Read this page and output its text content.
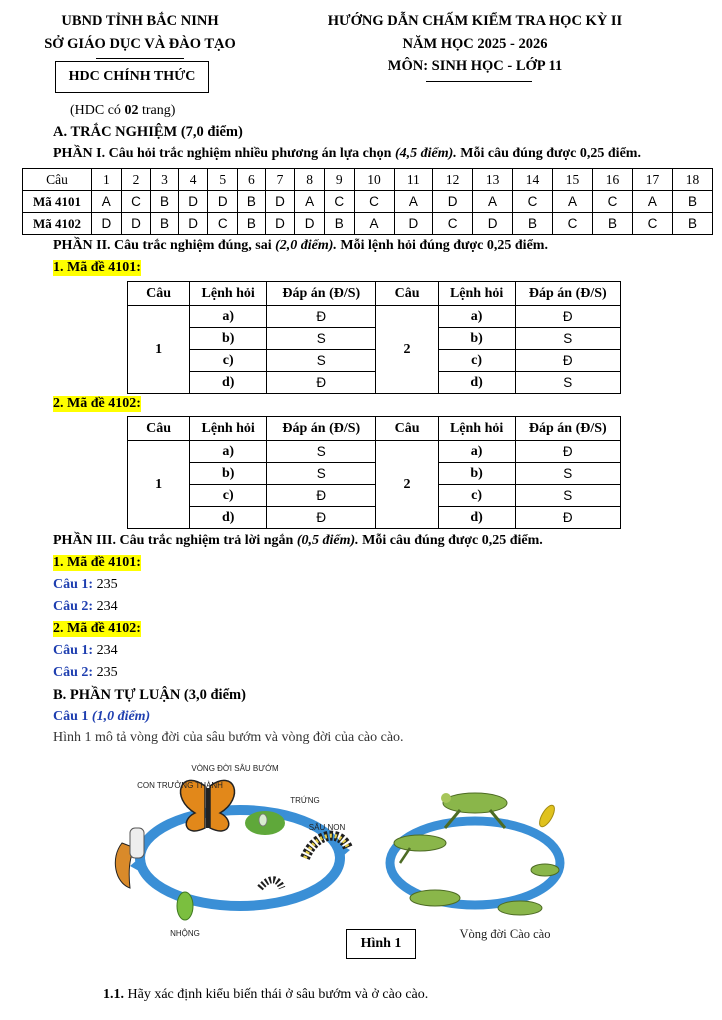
UBND TỈNH BẮC NINH
SỞ GIÁO DỤC VÀ ĐÀO TẠO
HDC CHÍNH THỨC
(HDC có 02 trang)
HƯỚNG DẪN CHẤM KIỂM TRA HỌC KỲ II
NĂM HỌC 2025 - 2026
MÔN: SINH HỌC - LỚP 11
A. TRẮC NGHIỆM (7,0 điểm)
PHẦN I. Câu hỏi trắc nghiệm nhiều phương án lựa chọn (4,5 điểm). Mỗi câu đúng được 0,25 điểm.
Câu	1	2	3	4	5	6	7	8	9	10	11	12	13	14	15	16	17	18
Mã 4101	A	C	B	D	D	B	D	A	C	C	A	D	A	C	A	C	A	B
Mã 4102	D	D	B	D	C	B	D	D	B	A	D	C	D	B	C	B	C	B
PHẦN II. Câu trắc nghiệm đúng, sai (2,0 điểm). Mỗi lệnh hỏi đúng được 0,25 điểm.
1. Mã đề 4101:
Câu	Lệnh hỏi	Đáp án (Đ/S)	Câu	Lệnh hỏi	Đáp án (Đ/S)
1	a)	Đ	2	a)	Đ
	b)	S		b)	S
	c)	S		c)	Đ
	d)	Đ		d)	S
2. Mã đề 4102:
Câu	Lệnh hỏi	Đáp án (Đ/S)	Câu	Lệnh hỏi	Đáp án (Đ/S)
1	a)	S	2	a)	Đ
	b)	S		b)	S
	c)	Đ		c)	S
	d)	Đ		d)	Đ
PHẦN III. Câu trắc nghiệm trả lời ngắn (0,5 điểm). Mỗi câu đúng được 0,25 điểm.
1. Mã đề 4101:
Câu 1: 235
Câu 2: 234
2. Mã đề 4102:
Câu 1: 234
Câu 2: 235
B. PHẦN TỰ LUẬN (3,0 điểm)
Câu 1 (1,0 điểm)
Hình 1 mô tả vòng đời của sâu bướm và vòng đời của cào cào.
VÒNG ĐỜI SÂU BƯỚM
CON TRƯỞNG THÀNH
TRỨNG
SÂU NON
NHỘNG	Vòng đời Cào cào
Hình 1
1.1. Hãy xác định kiểu biến thái ở sâu bướm và ở cào cào.
